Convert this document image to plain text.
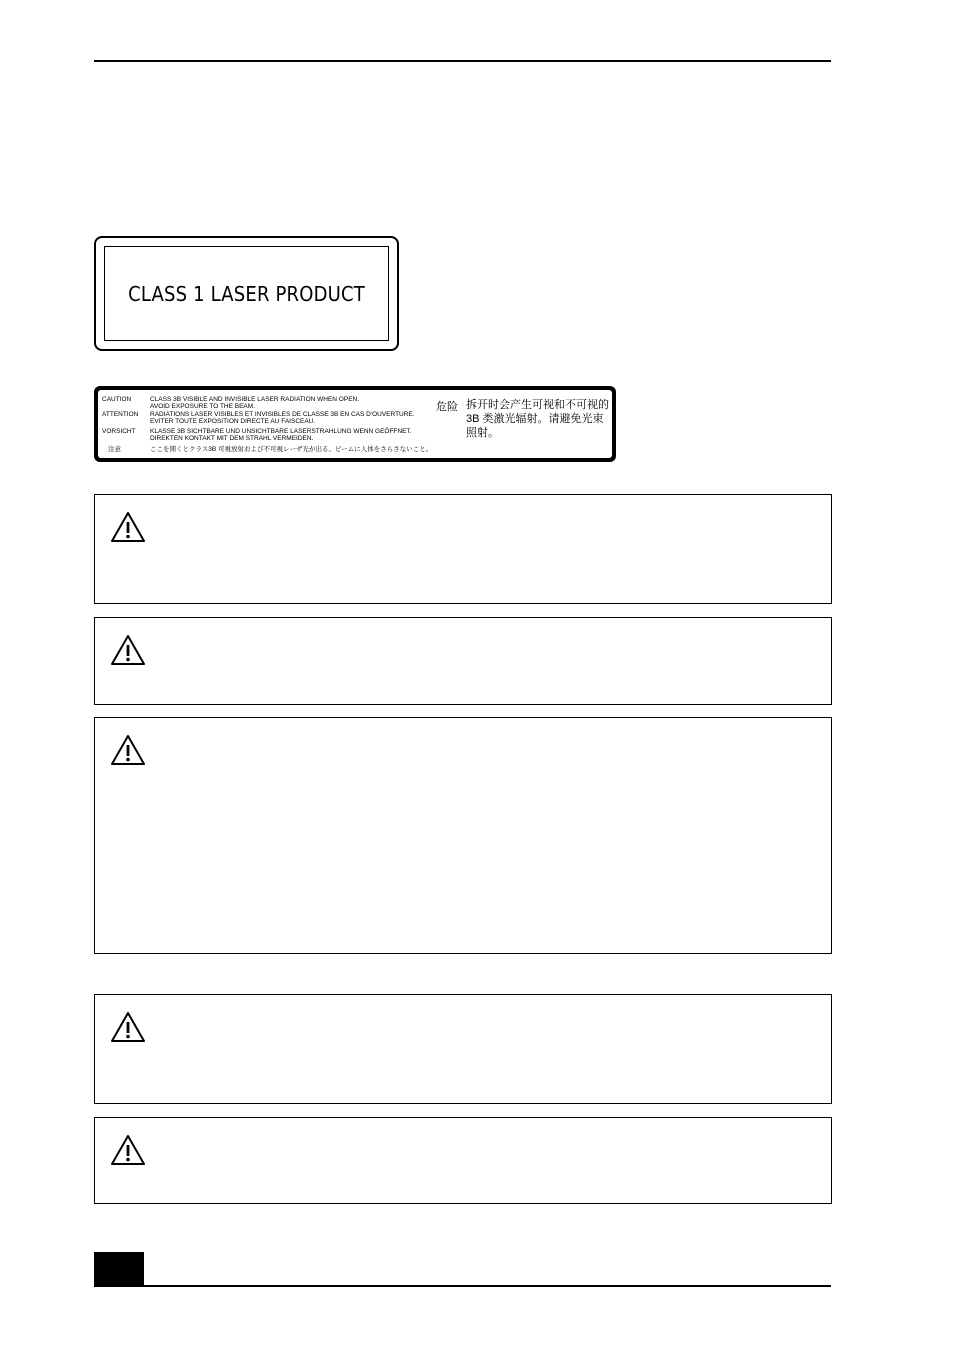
CLASS 1 LASER PRODUCT
CAUTION	CLASS 3B VISIBLE AND INVISIBLE LASER RADIATION WHEN OPEN.
AVOID EXPOSURE TO THE BEAM.
ATTENTION	RADIATIONS LASER VISIBLES ET INVISIBLES DE CLASSE 3B EN CAS D'OUVERTURE.
EVITER TOUTE EXPOSITION DIRECTE AU FAISCEAU.
VORSICHT	KLASSE 3B SICHTBARE UND UNSICHTBARE LASERSTRAHLUNG WENN GEÖFFNET.
DIREKTEN KONTAKT MIT DEM STRAHL VERMEIDEN.
注意	ここを開くとクラス3B 可視放射および不可視レーザ光が出る。ビームに人体をさらさないこと。
危险 拆开时会产生可视和不可视的3B 类激光辐射。请避免光束照射。
